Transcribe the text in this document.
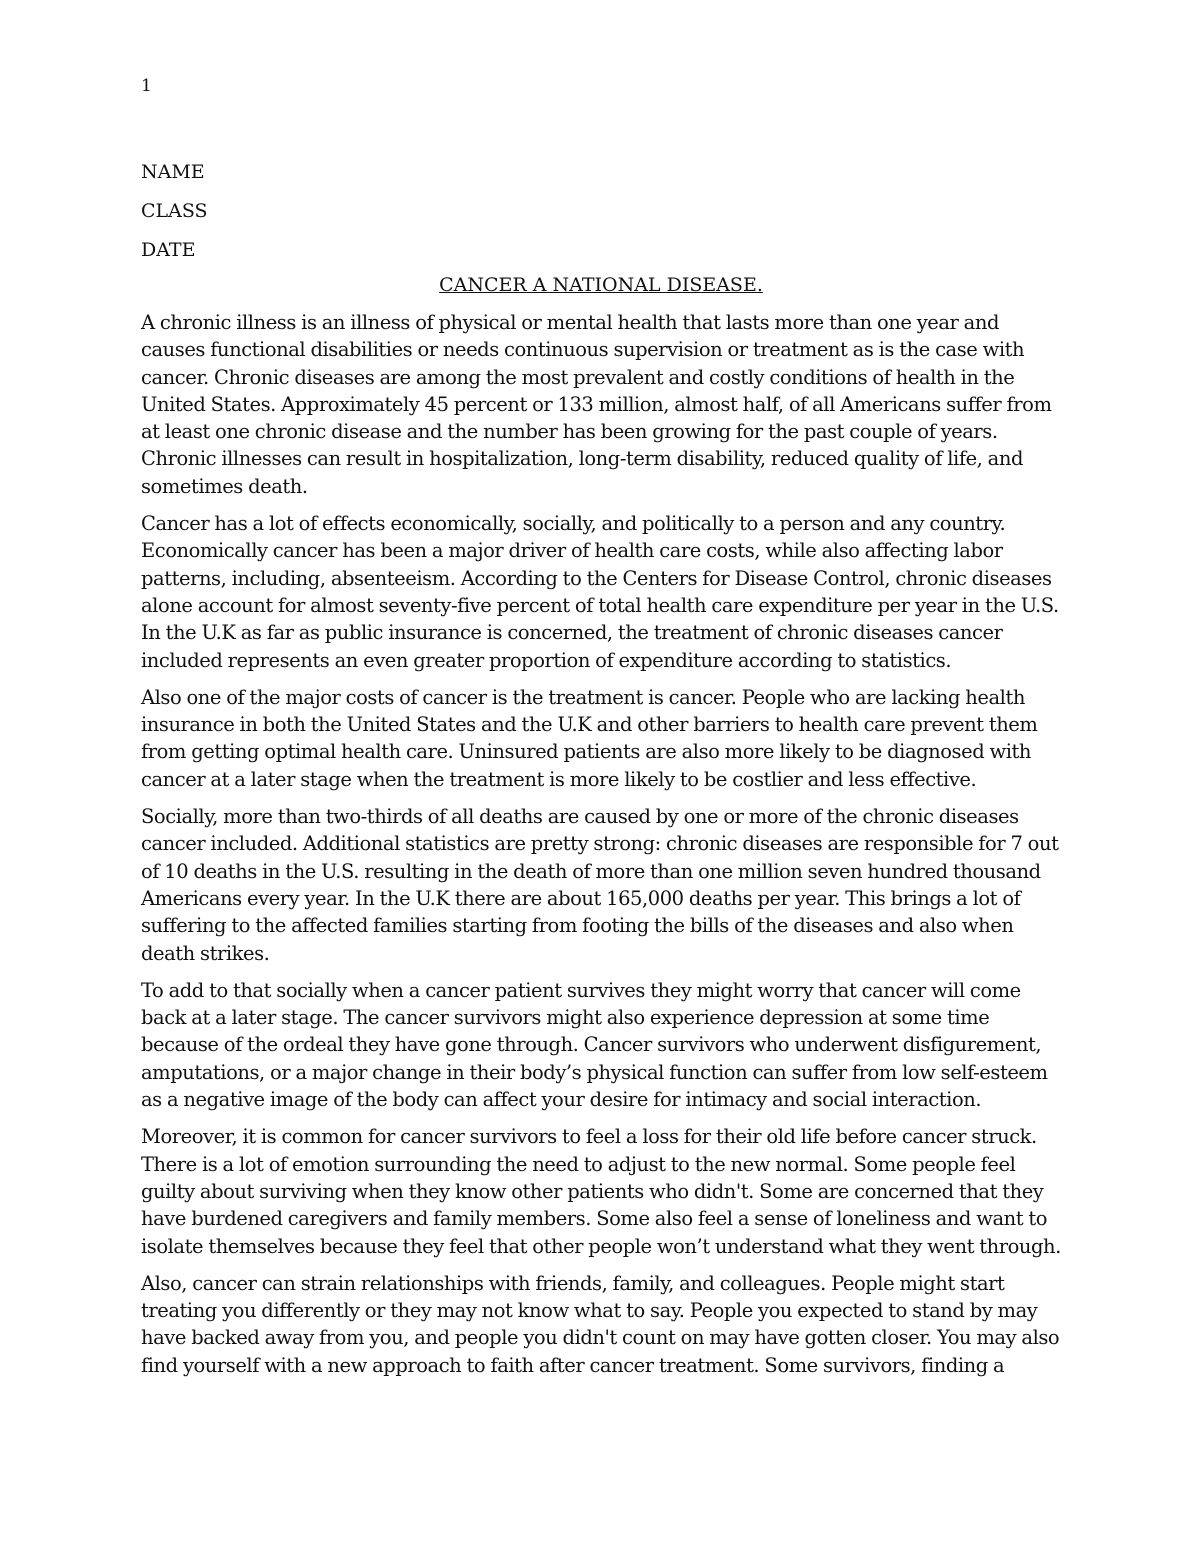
1

NAME

CLASS

DATE

CANCER A NATIONAL DISEASE.

A chronic illness is an illness of physical or mental health that lasts more than one year and causes functional disabilities or needs continuous supervision or treatment as is the case with cancer. Chronic diseases are among the most prevalent and costly conditions of health in the United States. Approximately 45 percent or 133 million, almost half, of all Americans suffer from at least one chronic disease and the number has been growing for the past couple of years. Chronic illnesses can result in hospitalization, long-term disability, reduced quality of life, and sometimes death.

Cancer has a lot of effects economically, socially, and politically to a person and any country. Economically cancer has been a major driver of health care costs, while also affecting labor patterns, including, absenteeism. According to the Centers for Disease Control, chronic diseases alone account for almost seventy-five percent of total health care expenditure per year in the U.S. In the U.K as far as public insurance is concerned, the treatment of chronic diseases cancer included represents an even greater proportion of expenditure according to statistics.

Also one of the major costs of cancer is the treatment is cancer. People who are lacking health insurance in both the United States and the U.K and other barriers to health care prevent them from getting optimal health care. Uninsured patients are also more likely to be diagnosed with cancer at a later stage when the treatment is more likely to be costlier and less effective.

Socially, more than two-thirds of all deaths are caused by one or more of the chronic diseases cancer included. Additional statistics are pretty strong: chronic diseases are responsible for 7 out of 10 deaths in the U.S. resulting in the death of more than one million seven hundred thousand Americans every year. In the U.K there are about 165,000 deaths per year. This brings a lot of suffering to the affected families starting from footing the bills of the diseases and also when death strikes.

To add to that socially when a cancer patient survives they might worry that cancer will come back at a later stage. The cancer survivors might also experience depression at some time because of the ordeal they have gone through. Cancer survivors who underwent disfigurement, amputations, or a major change in their body’s physical function can suffer from low self-esteem as a negative image of the body can affect your desire for intimacy and social interaction.

Moreover, it is common for cancer survivors to feel a loss for their old life before cancer struck. There is a lot of emotion surrounding the need to adjust to the new normal. Some people feel guilty about surviving when they know other patients who didn't. Some are concerned that they have burdened caregivers and family members. Some also feel a sense of loneliness and want to isolate themselves because they feel that other people won’t understand what they went through.

Also, cancer can strain relationships with friends, family, and colleagues. People might start treating you differently or they may not know what to say. People you expected to stand by may have backed away from you, and people you didn't count on may have gotten closer. You may also find yourself with a new approach to faith after cancer treatment. Some survivors, finding a
